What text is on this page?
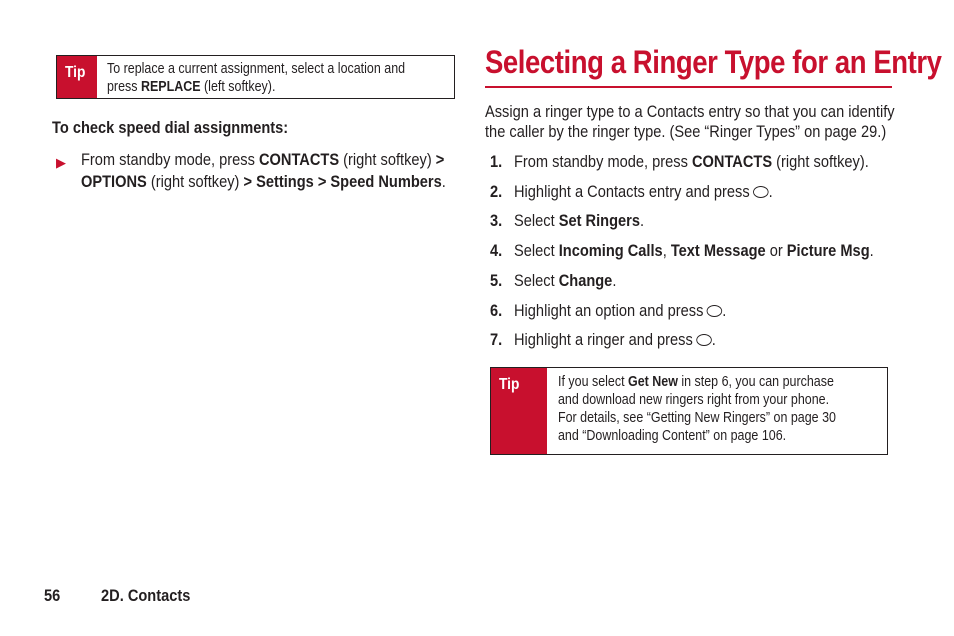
Tip	To replace a current assignment, select a location and
press REPLACE (left softkey).
To check speed dial assignments:
▶ From standby mode, press CONTACTS (right softkey) >
OPTIONS (right softkey) > Settings > Speed Numbers.
Selecting a Ringer Type for an Entry
Assign a ringer type to a Contacts entry so that you can identify
the caller by the ringer type. (See “Ringer Types” on page 29.)
1. From standby mode, press CONTACTS (right softkey).
2. Highlight a Contacts entry and press .
3. Select Set Ringers.
4. Select Incoming Calls, Text Message or Picture Msg.
5. Select Change.
6. Highlight an option and press .
7. Highlight a ringer and press .
Tip	If you select Get New in step 6, you can purchase
and download new ringers right from your phone.
For details, see “Getting New Ringers” on page 30
and “Downloading Content” on page 106.
56 2D. Contacts
